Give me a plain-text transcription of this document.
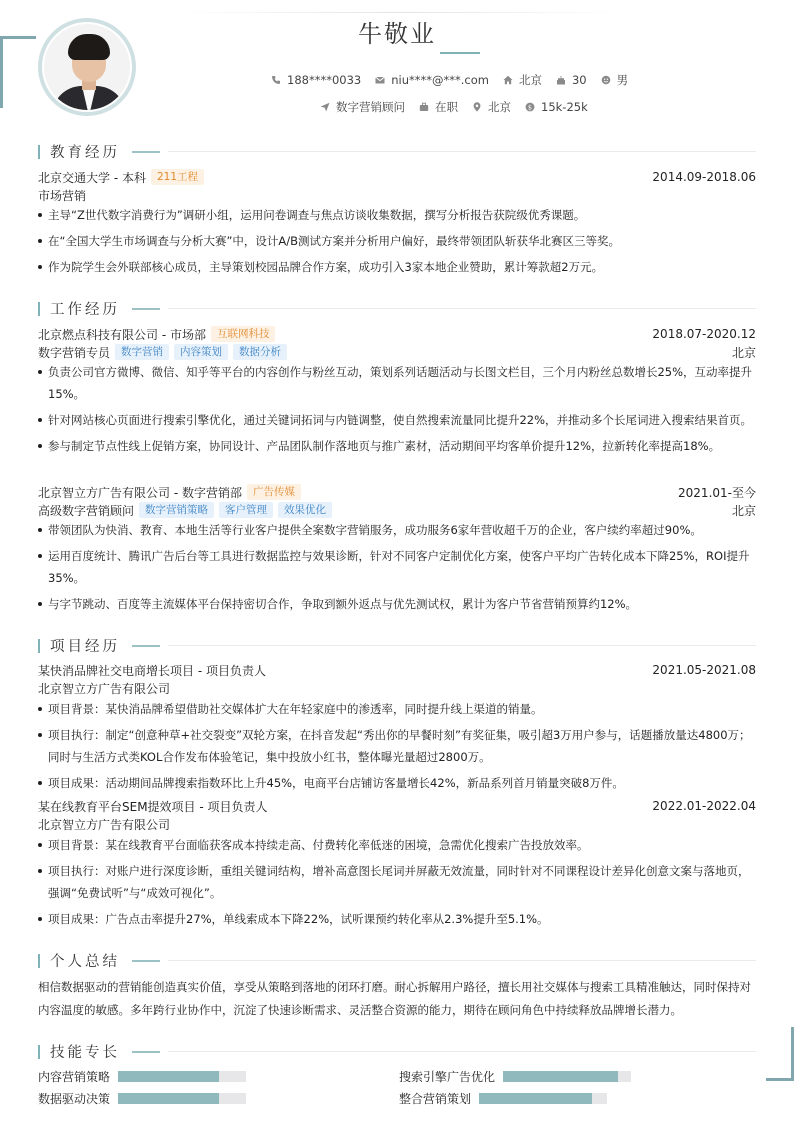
牛敬业
188****0033	niu****@***.com	北京	30	男
数字营销顾问	在职	北京	$ 15k-25k
教育经历
北京交通大学 - 本科	211工程	2014.09-2018.06
市场营销
主导“Z世代数字消费行为”调研小组，运用问卷调查与焦点访谈收集数据，撰写分析报告获院级优秀课题。
在“全国大学生市场调查与分析大赛”中，设计A/B测试方案并分析用户偏好，最终带领团队斩获华北赛区三等奖。
作为院学生会外联部核心成员，主导策划校园品牌合作方案，成功引入3家本地企业赞助，累计筹款超2万元。
工作经历
北京燃点科技有限公司 - 市场部	互联网科技	2018.07-2020.12
数字营销专员	数字营销	内容策划	数据分析	北京
负责公司官方微博、微信、知乎等平台的内容创作与粉丝互动，策划系列话题活动与长图文栏目，三个月内粉丝总数增长25%，互动率提升15%。
针对网站核心页面进行搜索引擎优化，通过关键词拓词与内链调整，使自然搜索流量同比提升22%，并推动多个长尾词进入搜索结果首页。
参与制定节点性线上促销方案，协同设计、产品团队制作落地页与推广素材，活动期间平均客单价提升12%，拉新转化率提高18%。
北京智立方广告有限公司 - 数字营销部	广告传媒	2021.01-至今
高级数字营销顾问	数字营销策略	客户管理	效果优化	北京
带领团队为快消、教育、本地生活等行业客户提供全案数字营销服务，成功服务6家年营收超千万的企业，客户续约率超过90%。
运用百度统计、腾讯广告后台等工具进行数据监控与效果诊断，针对不同客户定制优化方案，使客户平均广告转化成本下降25%，ROI提升35%。
与字节跳动、百度等主流媒体平台保持密切合作，争取到额外返点与优先测试权，累计为客户节省营销预算约12%。
项目经历
某快消品牌社交电商增长项目 - 项目负责人	2021.05-2021.08
北京智立方广告有限公司
项目背景：某快消品牌希望借助社交媒体扩大在年轻家庭中的渗透率，同时提升线上渠道的销量。
项目执行：制定“创意种草+社交裂变”双轮方案，在抖音发起“秀出你的早餐时刻”有奖征集，吸引超3万用户参与，话题播放量达4800万；同时与生活方式类KOL合作发布体验笔记，集中投放小红书，整体曝光量超过2800万。
项目成果：活动期间品牌搜索指数环比上升45%，电商平台店铺访客量增长42%，新品系列首月销量突破8万件。
某在线教育平台SEM提效项目 - 项目负责人	2022.01-2022.04
北京智立方广告有限公司
项目背景：某在线教育平台面临获客成本持续走高、付费转化率低迷的困境，急需优化搜索广告投放效率。
项目执行：对账户进行深度诊断，重组关键词结构，增补高意图长尾词并屏蔽无效流量，同时针对不同课程设计差异化创意文案与落地页，强调“免费试听”与“成效可视化”。
项目成果：广告点击率提升27%，单线索成本下降22%，试听课预约转化率从2.3%提升至5.1%。
个人总结
相信数据驱动的营销能创造真实价值，享受从策略到落地的闭环打磨。耐心拆解用户路径，擅长用社交媒体与搜索工具精准触达，同时保持对内容温度的敏感。多年跨行业协作中，沉淀了快速诊断需求、灵活整合资源的能力，期待在顾问角色中持续释放品牌增长潜力。
技能专长
内容营销策略	搜索引擎广告优化
数据驱动决策	整合营销策划
